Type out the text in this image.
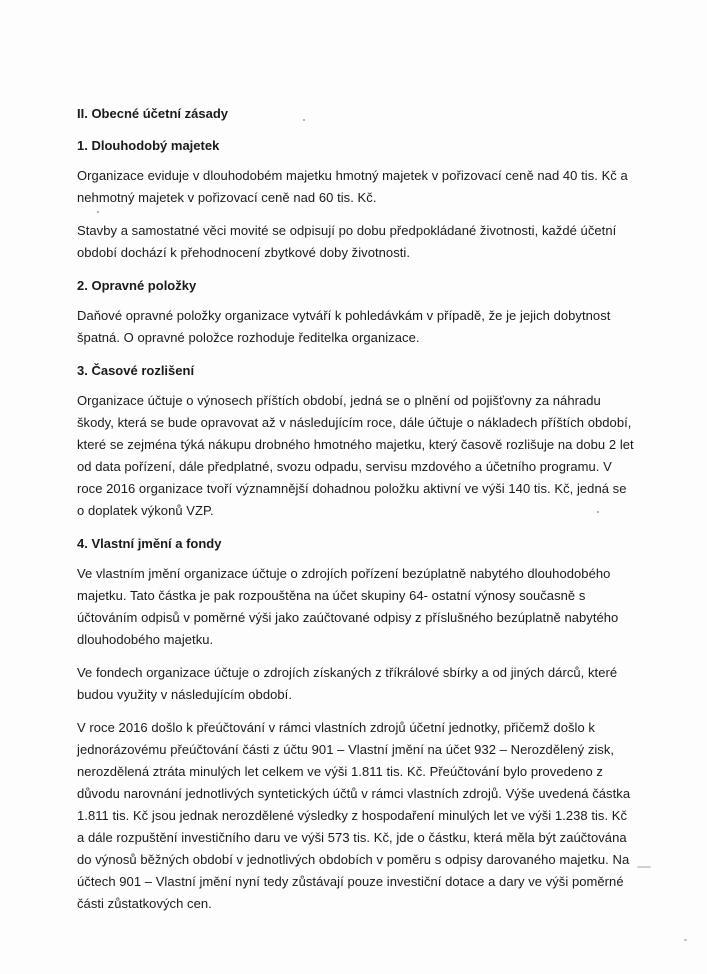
II. Obecné účetní zásady
1. Dlouhodobý majetek

Organizace eviduje v dlouhodobém majetku hmotný majetek v pořizovací ceně nad 40 tis. Kč a nehmotný majetek v pořizovací ceně nad 60 tis. Kč.

Stavby a samostatné věci movité se odpisují po dobu předpokládané životnosti, každé účetní období dochází k přehodnocení zbytkové doby životnosti.

2. Opravné položky

Daňové opravné položky organizace vytváří k pohledávkám v případě, že je jejich dobytnost špatná. O opravné položce rozhoduje ředitelka organizace.

3. Časové rozlišení

Organizace účtuje o výnosech příštích období, jedná se o plnění od pojišťovny za náhradu škody, která se bude opravovat až v následujícím roce, dále účtuje o nákladech příštích období, které se zejména týká nákupu drobného hmotného majetku, který časově rozlišuje na dobu 2 let od data pořízení, dále předplatné, svozu odpadu, servisu mzdového a účetního programu. V roce 2016 organizace tvoří významnější dohadnou položku aktivní ve výši 140 tis. Kč, jedná se o doplatek výkonů VZP.

4. Vlastní jmění a fondy

Ve vlastním jmění organizace účtuje o zdrojích pořízení bezúplatně nabytého dlouhodobého majetku. Tato částka je pak rozpouštěna na účet skupiny 64- ostatní výnosy současně s účtováním odpisů v poměrné výši jako zaúčtované odpisy z příslušného bezúplatně nabytého dlouhodobého majetku.

Ve fondech organizace účtuje o zdrojích získaných z tříkrálové sbírky a od jiných dárců, které budou využity v následujícím období.

V roce 2016 došlo k přeúčtování v rámci vlastních zdrojů účetní jednotky, přičemž došlo k jednorázovému přeúčtování části z účtu 901 – Vlastní jmění na účet 932 – Nerozdělený zisk, nerozdělená ztráta minulých let celkem ve výši 1.811 tis. Kč. Přeúčtování bylo provedeno z důvodu narovnání jednotlivých syntetických účtů v rámci vlastních zdrojů. Výše uvedená částka 1.811 tis. Kč jsou jednak nerozdělené výsledky z hospodaření minulých let ve výši 1.238 tis. Kč a dále rozpuštění investičního daru ve výši 573 tis. Kč, jde o částku, která měla být zaúčtována do výnosů běžných období v jednotlivých obdobích v poměru s odpisy darovaného majetku. Na účtech 901 – Vlastní jmění nyní tedy zůstávají pouze investiční dotace a dary ve výši poměrné části zůstatkových cen.
